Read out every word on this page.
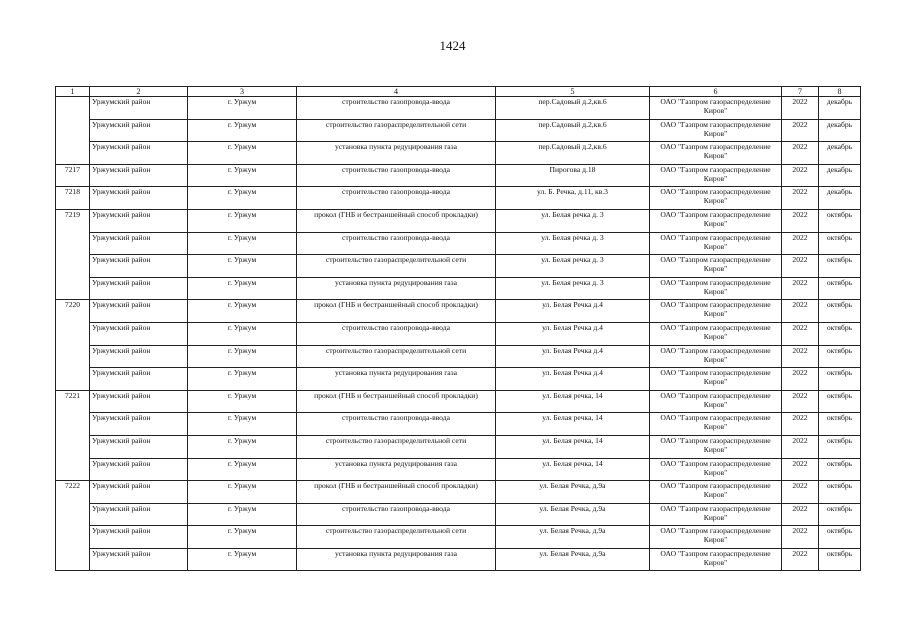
1424
1	2	3	4	5	6	7	8
	Уржумский район	г. Уржум	строительство газопровода-ввода	пер.Садовый д.2,кв.6	ОАО "Газпром газораспределение Киров"	2022	декабрь
	Уржумский район	г. Уржум	строительство газораспределительной сети	пер.Садовый д.2,кв.6	ОАО "Газпром газораспределение Киров"	2022	декабрь
	Уржумский район	г. Уржум	установка пункта редуцирования газа	пер.Садовый д.2,кв.6	ОАО "Газпром газораспределение Киров"	2022	декабрь
7217	Уржумский район	г. Уржум	строительство газопровода-ввода	Пирогова д.18	ОАО "Газпром газораспределение Киров"	2022	декабрь
7218	Уржумский район	г. Уржум	строительство газопровода-ввода	ул. Б. Речка, д.11, кв.3	ОАО "Газпром газораспределение Киров"	2022	декабрь
7219	Уржумский район	г. Уржум	прокол (ГНБ и бестраншейный способ прокладки)	ул. Белая речка д. 3	ОАО "Газпром газораспределение Киров"	2022	октябрь
	Уржумский район	г. Уржум	строительство газопровода-ввода	ул. Белая речка д. 3	ОАО "Газпром газораспределение Киров"	2022	октябрь
	Уржумский район	г. Уржум	строительство газораспределительной сети	ул. Белая речка д. 3	ОАО "Газпром газораспределение Киров"	2022	октябрь
	Уржумский район	г. Уржум	установка пункта редуцирования газа	ул. Белая речка д. 3	ОАО "Газпром газораспределение Киров"	2022	октябрь
7220	Уржумский район	г. Уржум	прокол (ГНБ и бестраншейный способ прокладки)	ул. Белая Речка д.4	ОАО "Газпром газораспределение Киров"	2022	октябрь
	Уржумский район	г. Уржум	строительство газопровода-ввода	ул. Белая Речка д.4	ОАО "Газпром газораспределение Киров"	2022	октябрь
	Уржумский район	г. Уржум	строительство газораспределительной сети	ул. Белая Речка д.4	ОАО "Газпром газораспределение Киров"	2022	октябрь
	Уржумский район	г. Уржум	установка пункта редуцирования газа	ул. Белая Речка д.4	ОАО "Газпром газораспределение Киров"	2022	октябрь
7221	Уржумский район	г. Уржум	прокол (ГНБ и бестраншейный способ прокладки)	ул. Белая речка, 14	ОАО "Газпром газораспределение Киров"	2022	октябрь
	Уржумский район	г. Уржум	строительство газопровода-ввода	ул. Белая речка, 14	ОАО "Газпром газораспределение Киров"	2022	октябрь
	Уржумский район	г. Уржум	строительство газораспределительной сети	ул. Белая речка, 14	ОАО "Газпром газораспределение Киров"	2022	октябрь
	Уржумский район	г. Уржум	установка пункта редуцирования газа	ул. Белая речка, 14	ОАО "Газпром газораспределение Киров"	2022	октябрь
7222	Уржумский район	г. Уржум	прокол (ГНБ и бестраншейный способ прокладки)	ул. Белая Речка, д.9а	ОАО "Газпром газораспределение Киров"	2022	октябрь
	Уржумский район	г. Уржум	строительство газопровода-ввода	ул. Белая Речка, д.9а	ОАО "Газпром газораспределение Киров"	2022	октябрь
	Уржумский район	г. Уржум	строительство газораспределительной сети	ул. Белая Речка, д.9а	ОАО "Газпром газораспределение Киров"	2022	октябрь
	Уржумский район	г. Уржум	установка пункта редуцирования газа	ул. Белая Речка, д.9а	ОАО "Газпром газораспределение Киров"	2022	октябрь
